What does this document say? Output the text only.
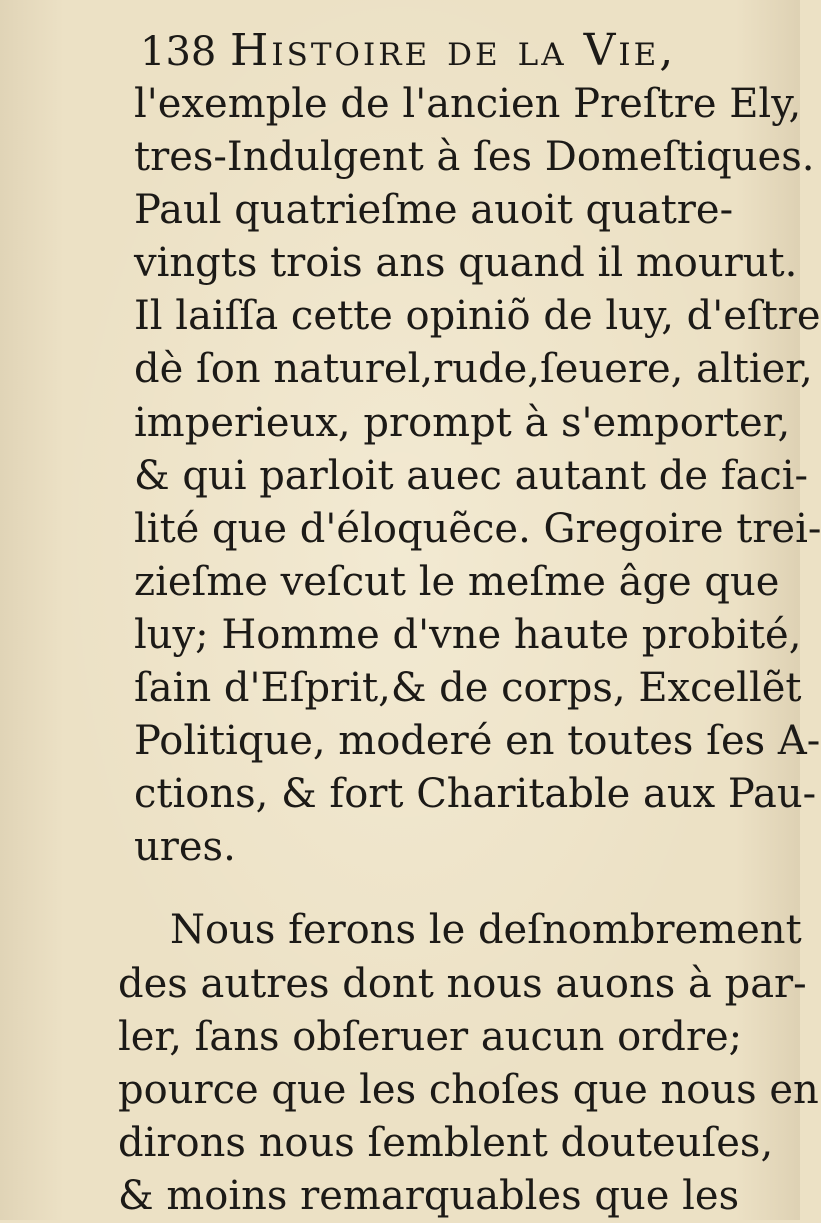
138 Histoire de la Vie,
l'exemple de l'ancien Preſtre Ely,
tres-Indulgent à ſes Domeſtiques.
Paul quatrieſme auoit quatre-
vingts trois ans quand il mourut.
Il laiſſa cette opiniõ de luy, d'eſtre
dè ſon naturel,rude,ſeuere, altier,
imperieux, prompt à s'emporter,
& qui parloit auec autant de faci-
lité que d'éloquẽce. Gregoire trei-
zieſme veſcut le meſme âge que
luy; Homme d'vne haute probité,
ſain d'Eſprit,& de corps, Excellẽt
Politique, moderé en toutes ſes A-
ctions, & fort Charitable aux Pau-
ures.
Nous ferons le deſnombrement
des autres dont nous auons à par-
ler, ſans obſeruer aucun ordre;
pource que les choſes que nous en
dirons nous ſemblent douteuſes,
& moins remarquables que les
